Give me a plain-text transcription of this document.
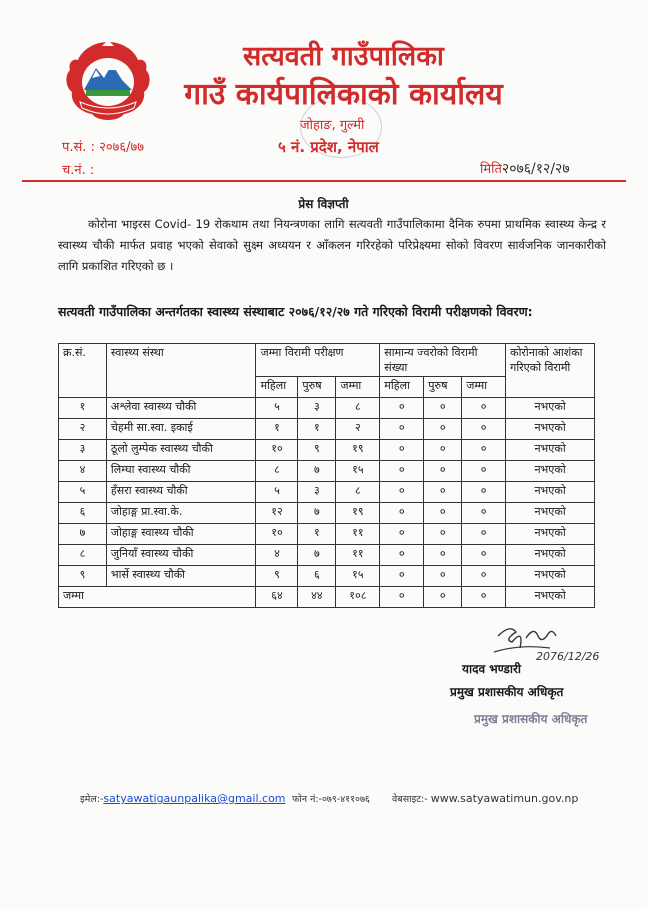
सत्यवती गाउँपालिका
गाउँ कार्यपालिकाको कार्यालय
जोहाङ, गुल्मी
५ नं. प्रदेश, नेपाल
प.सं. : २०७६/७७
च.नं. :	मिति२०७६/१२/२७
प्रेस विज्ञप्ती
कोरोना भाइरस Covid- 19 रोकथाम तथा नियन्त्रणका लागि सत्यवती गाउँपालिकामा दैनिक रुपमा प्राथमिक स्वास्थ्य केन्द्र र स्वास्थ्य चौकी मार्फत प्रवाह भएको सेवाको सुक्ष्म अध्ययन र आँकलन गरिरहेको परिप्रेक्ष्यमा सोको विवरण सार्वजनिक जानकारीको लागि प्रकाशित गरिएको छ ।
सत्यवती गाउँपालिका अन्तर्गतका स्वास्थ्य संस्थाबाट २०७६/१२/२७ गते गरिएको विरामी परीक्षणको विवरण:
क्र.सं.	स्वास्थ्य संस्था	जम्मा विरामी परीक्षण			सामान्य ज्वरोको विरामी संख्या			कोरोनाको आशंका गरिएको विरामी
		महिला	पुरुष	जम्मा	महिला	पुरुष	जम्मा	
१	अश्लेवा स्वास्थ्य चौकी	५	३	८	०	०	०	नभएको
२	चेहमी सा.स्वा. इकाई	१	१	२	०	०	०	नभएको
३	ठूलो लुम्पेक स्वास्थ्य चौकी	१०	९	१९	०	०	०	नभएको
४	लिम्घा स्वास्थ्य चौकी	८	७	१५	०	०	०	नभएको
५	हँसरा स्वास्थ्य चौकी	५	३	८	०	०	०	नभएको
६	जोहाङ्ग प्रा.स्वा.के.	१२	७	१९	०	०	०	नभएको
७	जोहाङ्ग स्वास्थ्य चौकी	१०	१	११	०	०	०	नभएको
८	जुनियाँ स्वास्थ्य चौकी	४	७	११	०	०	०	नभएको
९	भार्से स्वास्थ्य चौकी	९	६	१५	०	०	०	नभएको
जम्मा		६४	४४	१०८	०	०	०	नभएको
2076/12/26
यादव भण्डारी
प्रमुख प्रशासकीय अधिकृत
प्रमुख प्रशासकीय अधिकृत
इमेल:-satyawatigaunpalika@gmail.com फोन नं:-०७९-४११०७६ वेबसाइट:- www.satyawatimun.gov.np
